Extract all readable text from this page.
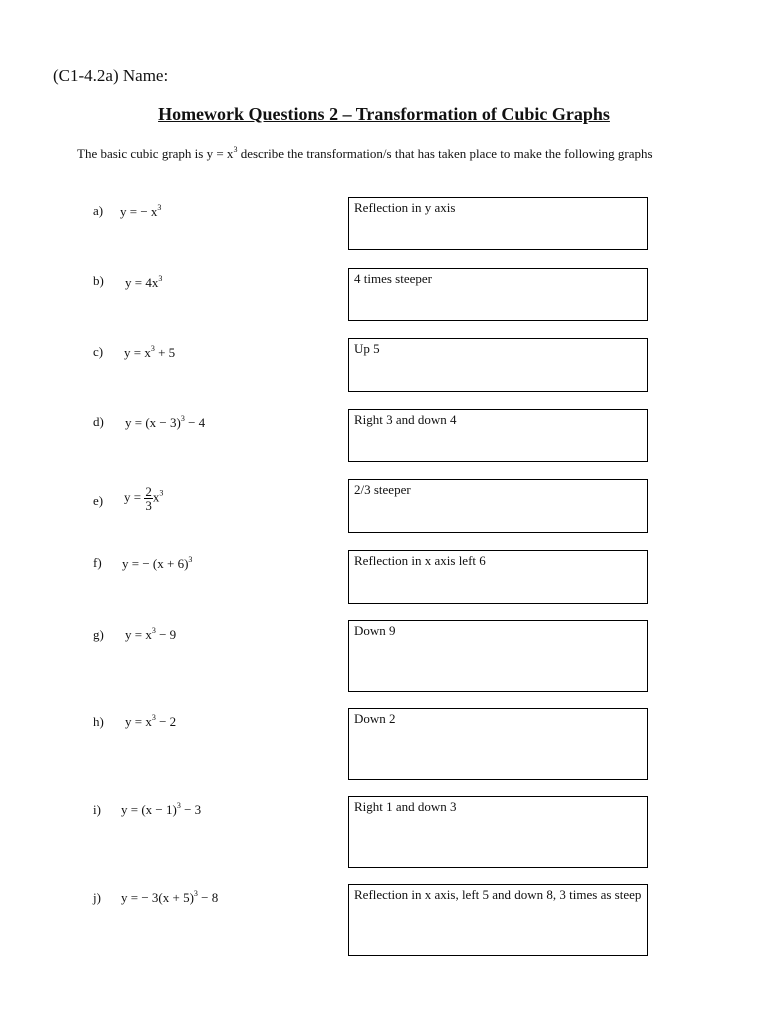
(C1-4.2a) Name:
Homework Questions 2 – Transformation of Cubic Graphs
The basic cubic graph is $y = x^3$ describe the transformation/s that has taken place to make the following graphs
a) y = − $x^3$	Reflection in y axis
b) $y = 4x^3$	4 times steeper
c) $y = x^3 + 5$	Up 5
d) $y = (x - 3)^3 - 4$	Right 3 and down 4
e) $y = \frac{2}{3} x^3$	2/3 steeper
f) y = − $(x + 6)^3$	Reflection in x axis left 6
g) $y = x^3 - 9$	Down 9
h) $y = x^3 - 2$	Down 2
i) $y = (x - 1)^3 - 3$	Right 1 and down 3
j) y = − $3(x + 5)^3 - 8$	Reflection in x axis, left 5 and down 8, 3 times as steep
